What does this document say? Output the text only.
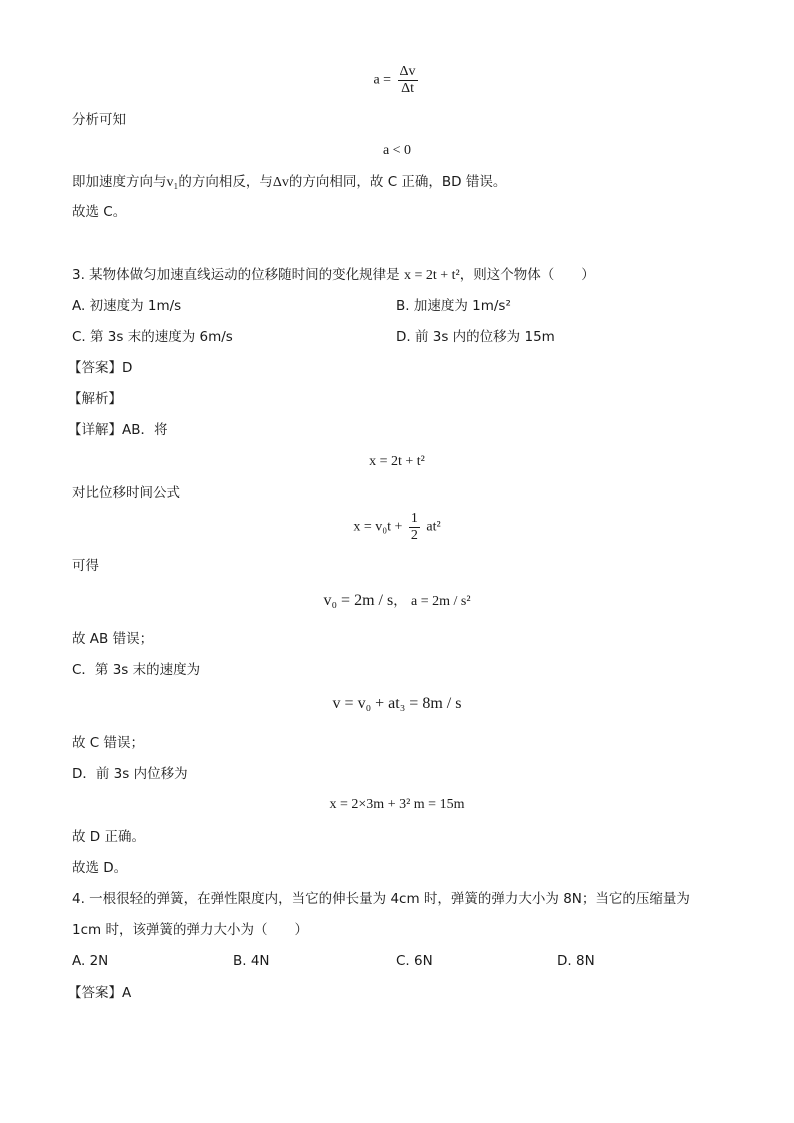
$a = \frac{\Delta v}{\Delta t}$
分析可知
a < 0
即加速度方向与v₁的方向相反，与Δv的方向相同，故 C 正确，BD 错误。
故选 C。
3. 某物体做匀加速直线运动的位移随时间的变化规律是 x = 2t + t²，则这个物体（　　）
A. 初速度为 1m/s	B. 加速度为 1m/s²
C. 第 3s 末的速度为 6m/s	D. 前 3s 内的位移为 15m
【答案】D
【解析】
【详解】AB．将
x = 2t + t²
对比位移时间公式
$x = v_0t + \frac{1}{2} at^2$
可得
v₀ = 2m / s， a = 2m / s²
故 AB 错误；
C．第 3s 末的速度为
v = v₀ + at₃ = 8m / s
故 C 错误；
D．前 3s 内位移为
x = 2×3m + 3² m = 15m
故 D 正确。
故选 D。
4. 一根很轻的弹簧，在弹性限度内，当它的伸长量为 4cm 时，弹簧的弹力大小为 8N；当它的压缩量为
1cm 时，该弹簧的弹力大小为（　　）
A. 2N	B. 4N	C. 6N	D. 8N
【答案】A
